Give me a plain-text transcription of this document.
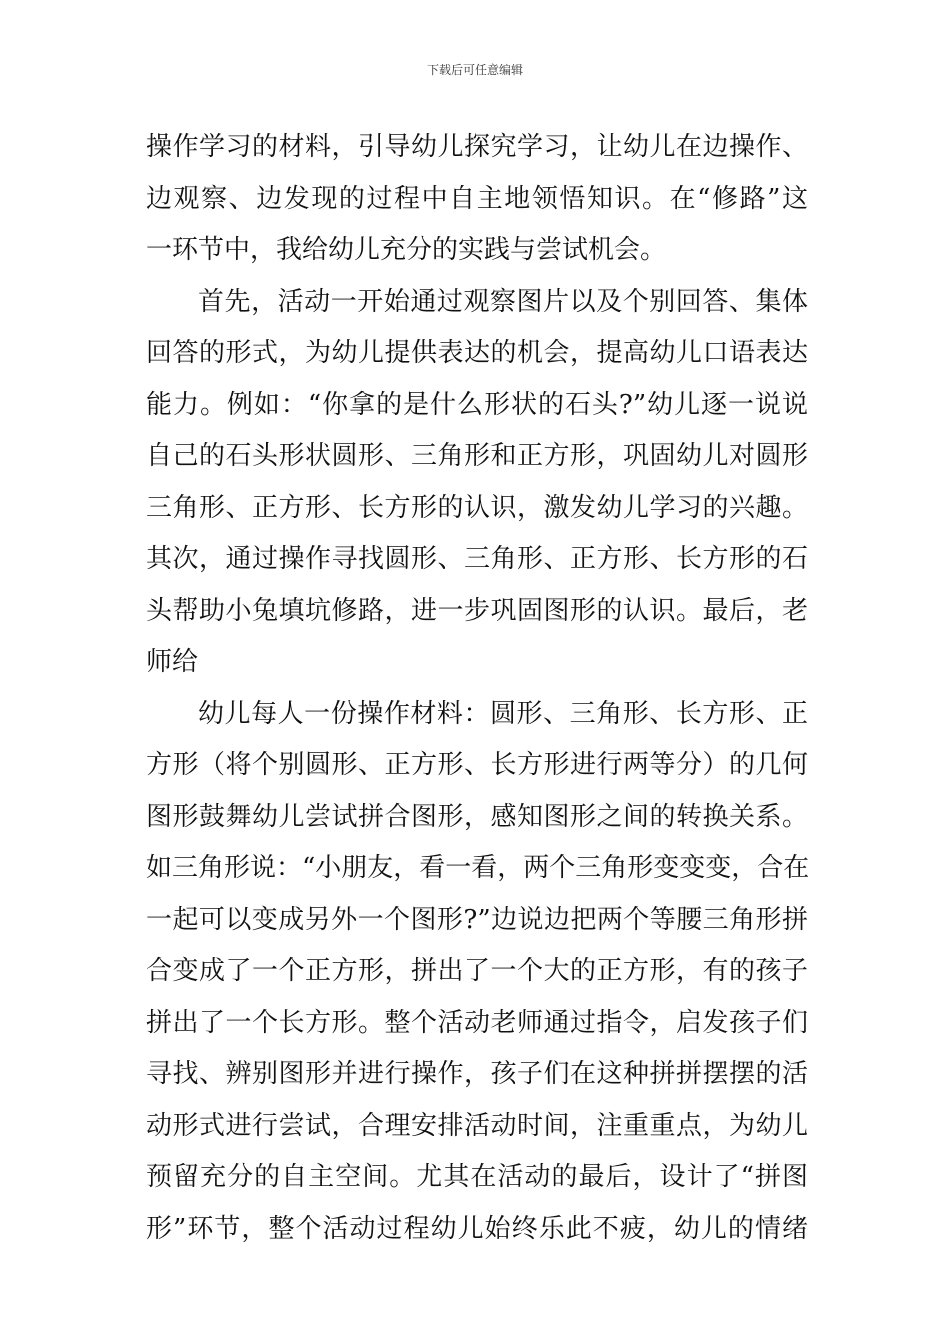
下载后可任意编辑
操作学习的材料，引导幼儿探究学习，让幼儿在边操作、
边观察、边发现的过程中自主地领悟知识。在“修路”这
一环节中，我给幼儿充分的实践与尝试机会。
首先，活动一开始通过观察图片以及个别回答、集体
回答的形式，为幼儿提供表达的机会，提高幼儿口语表达
能力。例如：“你拿的是什么形状的石头?”幼儿逐一说说
自己的石头形状圆形、三角形和正方形，巩固幼儿对圆形
三角形、正方形、长方形的认识，激发幼儿学习的兴趣。
其次，通过操作寻找圆形、三角形、正方形、长方形的石
头帮助小兔填坑修路，进一步巩固图形的认识。最后，老
师给
幼儿每人一份操作材料：圆形、三角形、长方形、正
方形（将个别圆形、正方形、长方形进行两等分）的几何
图形鼓舞幼儿尝试拼合图形，感知图形之间的转换关系。
如三角形说：“小朋友，看一看，两个三角形变变变，合在
一起可以变成另外一个图形?”边说边把两个等腰三角形拼
合变成了一个正方形，拼出了一个大的正方形，有的孩子
拼出了一个长方形。整个活动老师通过指令，启发孩子们
寻找、辨别图形并进行操作，孩子们在这种拼拼摆摆的活
动形式进行尝试，合理安排活动时间，注重重点，为幼儿
预留充分的自主空间。尤其在活动的最后，设计了“拼图
形”环节，整个活动过程幼儿始终乐此不疲，幼儿的情绪
